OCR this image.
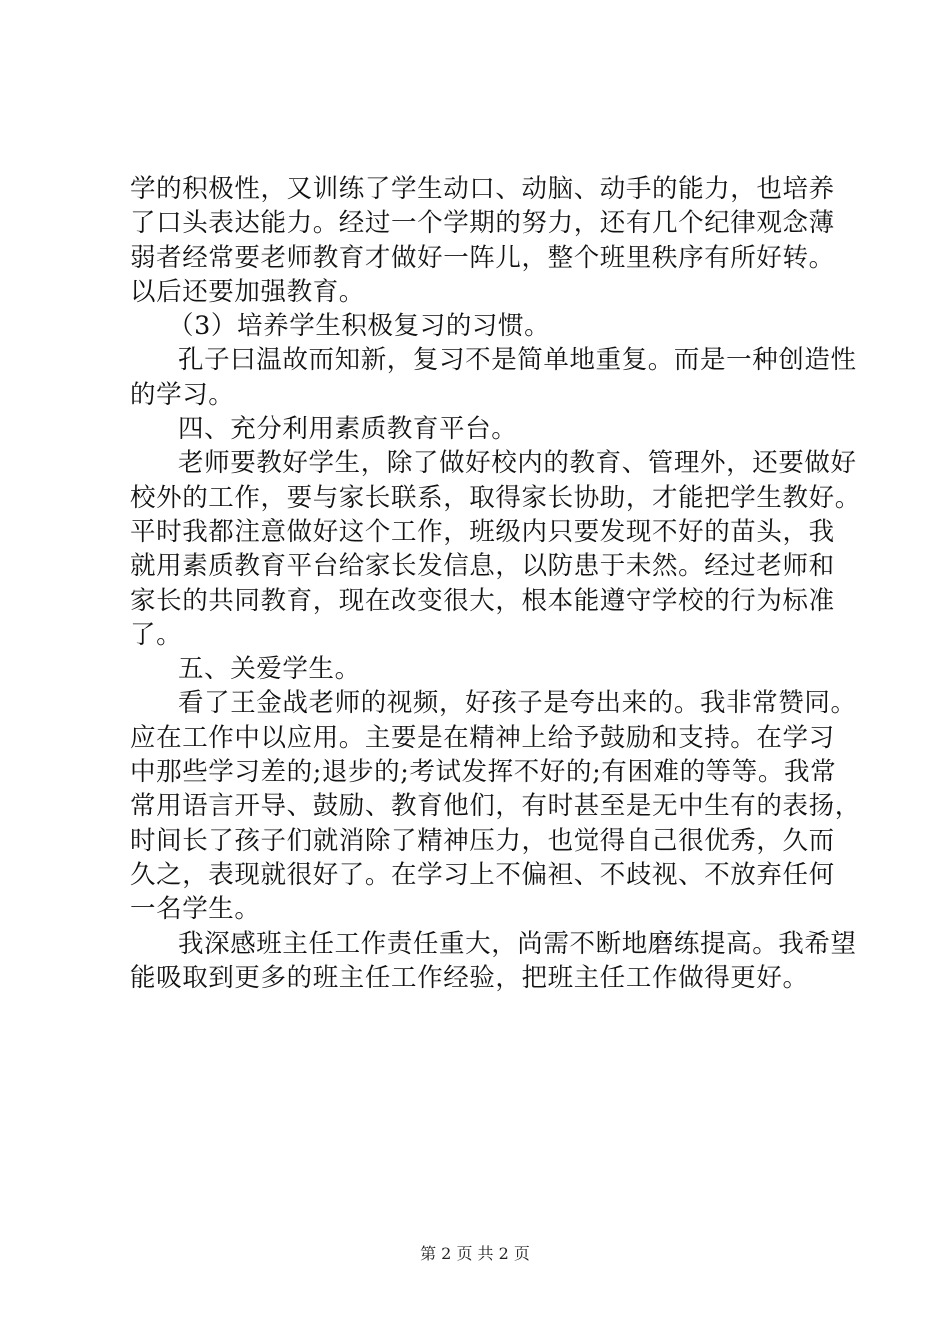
学的积极性，又训练了学生动口、动脑、动手的能力，也培养
了口头表达能力。经过一个学期的努力，还有几个纪律观念薄
弱者经常要老师教育才做好一阵儿，整个班里秩序有所好转。
以后还要加强教育。
（3）培养学生积极复习的习惯。
孔子曰温故而知新，复习不是简单地重复。而是一种创造性
的学习。
四、充分利用素质教育平台。
老师要教好学生，除了做好校内的教育、管理外，还要做好
校外的工作，要与家长联系，取得家长协助，才能把学生教好。
平时我都注意做好这个工作，班级内只要发现不好的苗头，我
就用素质教育平台给家长发信息，以防患于未然。经过老师和
家长的共同教育，现在改变很大，根本能遵守学校的行为标准
了。
五、关爱学生。
看了王金战老师的视频，好孩子是夸出来的。我非常赞同。
应在工作中以应用。主要是在精神上给予鼓励和支持。在学习
中那些学习差的;退步的;考试发挥不好的;有困难的等等。我常
常用语言开导、鼓励、教育他们，有时甚至是无中生有的表扬，
时间长了孩子们就消除了精神压力，也觉得自己很优秀，久而
久之，表现就很好了。在学习上不偏袒、不歧视、不放弃任何
一名学生。
我深感班主任工作责任重大，尚需不断地磨练提高。我希望
能吸取到更多的班主任工作经验，把班主任工作做得更好。
第 2 页 共 2 页
